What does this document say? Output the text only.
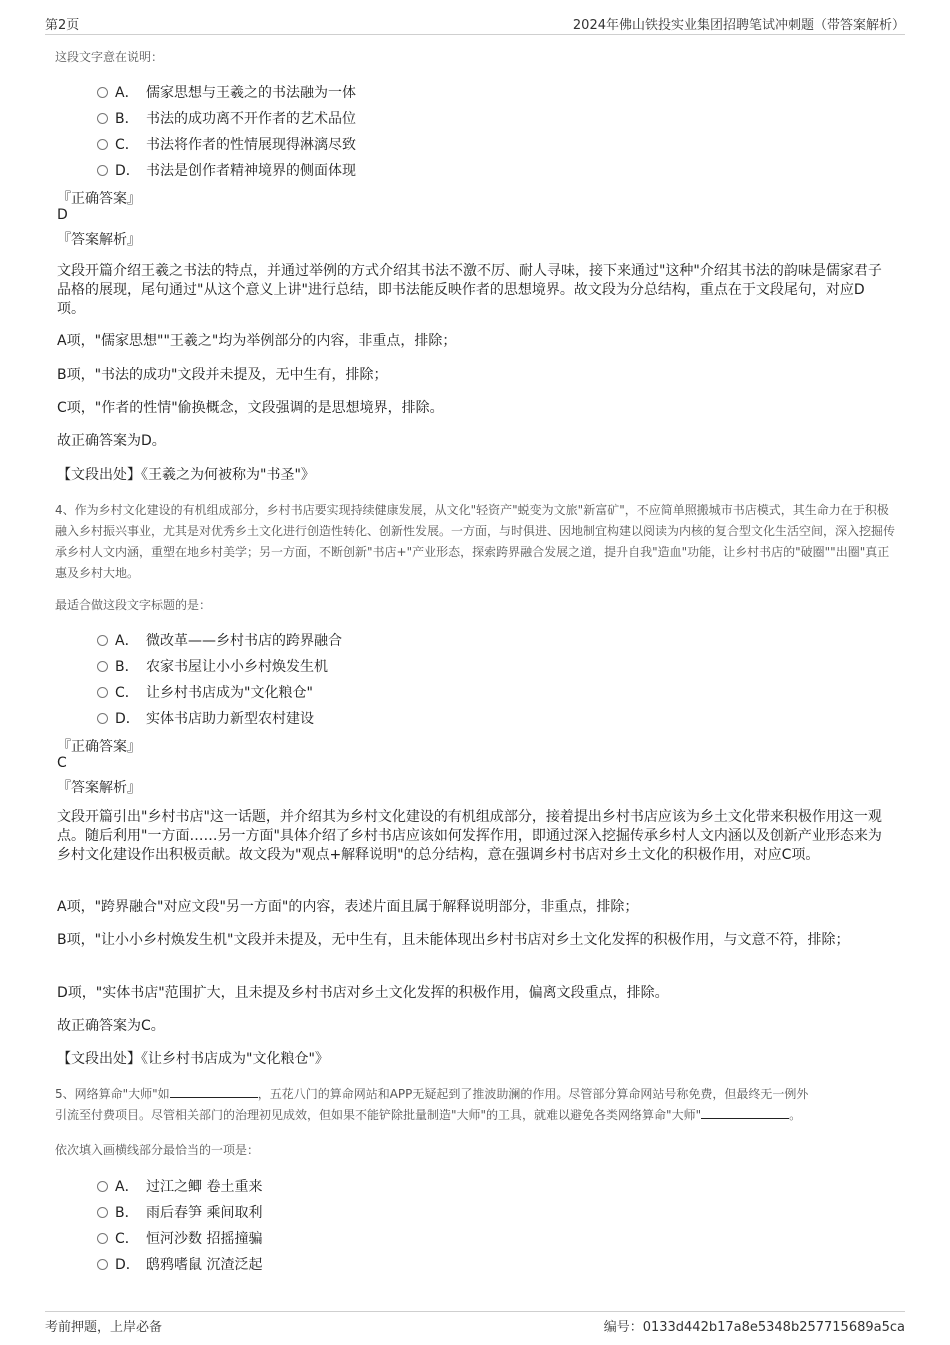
第2页	2024年佛山铁投实业集团招聘笔试冲刺题（带答案解析）
这段文字意在说明：
A． 儒家思想与王羲之的书法融为一体
B． 书法的成功离不开作者的艺术品位
C． 书法将作者的性情展现得淋漓尽致
D． 书法是创作者精神境界的侧面体现
『正确答案』
D
『答案解析』
文段开篇介绍王羲之书法的特点，并通过举例的方式介绍其书法不激不厉、耐人寻味，接下来通过"这种"介绍其书法的韵味是儒家君子品格的展现，尾句通过"从这个意义上讲"进行总结，即书法能反映作者的思想境界。故文段为分总结构，重点在于文段尾句，对应D项。
A项，"儒家思想""王羲之"均为举例部分的内容，非重点，排除；
B项，"书法的成功"文段并未提及，无中生有，排除；
C项，"作者的性情"偷换概念，文段强调的是思想境界，排除。
故正确答案为D。
【文段出处】《王羲之为何被称为"书圣"》
4、作为乡村文化建设的有机组成部分，乡村书店要实现持续健康发展，从文化"轻资产"蜕变为文旅"新富矿"，不应简单照搬城市书店模式，其生命力在于积极融入乡村振兴事业，尤其是对优秀乡土文化进行创造性转化、创新性发展。一方面，与时俱进、因地制宜构建以阅读为内核的复合型文化生活空间，深入挖掘传承乡村人文内涵，重塑在地乡村美学；另一方面，不断创新"书店+"产业形态，探索跨界融合发展之道，提升自我"造血"功能，让乡村书店的"破圈""出圈"真正惠及乡村大地。
最适合做这段文字标题的是：
A． 微改革——乡村书店的跨界融合
B． 农家书屋让小小乡村焕发生机
C． 让乡村书店成为"文化粮仓"
D． 实体书店助力新型农村建设
『正确答案』
C
『答案解析』
文段开篇引出"乡村书店"这一话题，并介绍其为乡村文化建设的有机组成部分，接着提出乡村书店应该为乡土文化带来积极作用这一观点。随后利用"一方面……另一方面"具体介绍了乡村书店应该如何发挥作用，即通过深入挖掘传承乡村人文内涵以及创新产业形态来为乡村文化建设作出积极贡献。故文段为"观点+解释说明"的总分结构，意在强调乡村书店对乡土文化的积极作用，对应C项。
A项，"跨界融合"对应文段"另一方面"的内容，表述片面且属于解释说明部分，非重点，排除；
B项，"让小小乡村焕发生机"文段并未提及，无中生有，且未能体现出乡村书店对乡土文化发挥的积极作用，与文意不符，排除；
D项，"实体书店"范围扩大，且未提及乡村书店对乡土文化发挥的积极作用，偏离文段重点，排除。
故正确答案为C。
【文段出处】《让乡村书店成为"文化粮仓"》
5、网络算命"大师"如	，五花八门的算命网站和APP无疑起到了推波助澜的作用。尽管部分算命网站号称免费，但最终无一例外
引流至付费项目。尽管相关部门的治理初见成效，但如果不能铲除批量制造"大师"的工具，就难以避免各类网络算命"大师"	。
依次填入画横线部分最恰当的一项是：
A． 过江之鲫 卷土重来
B． 雨后春笋 乘间取利
C． 恒河沙数 招摇撞骗
D． 鸱鸦嗜鼠 沉渣泛起
考前押题，上岸必备	编号：0133d442b17a8e5348b257715689a5ca
